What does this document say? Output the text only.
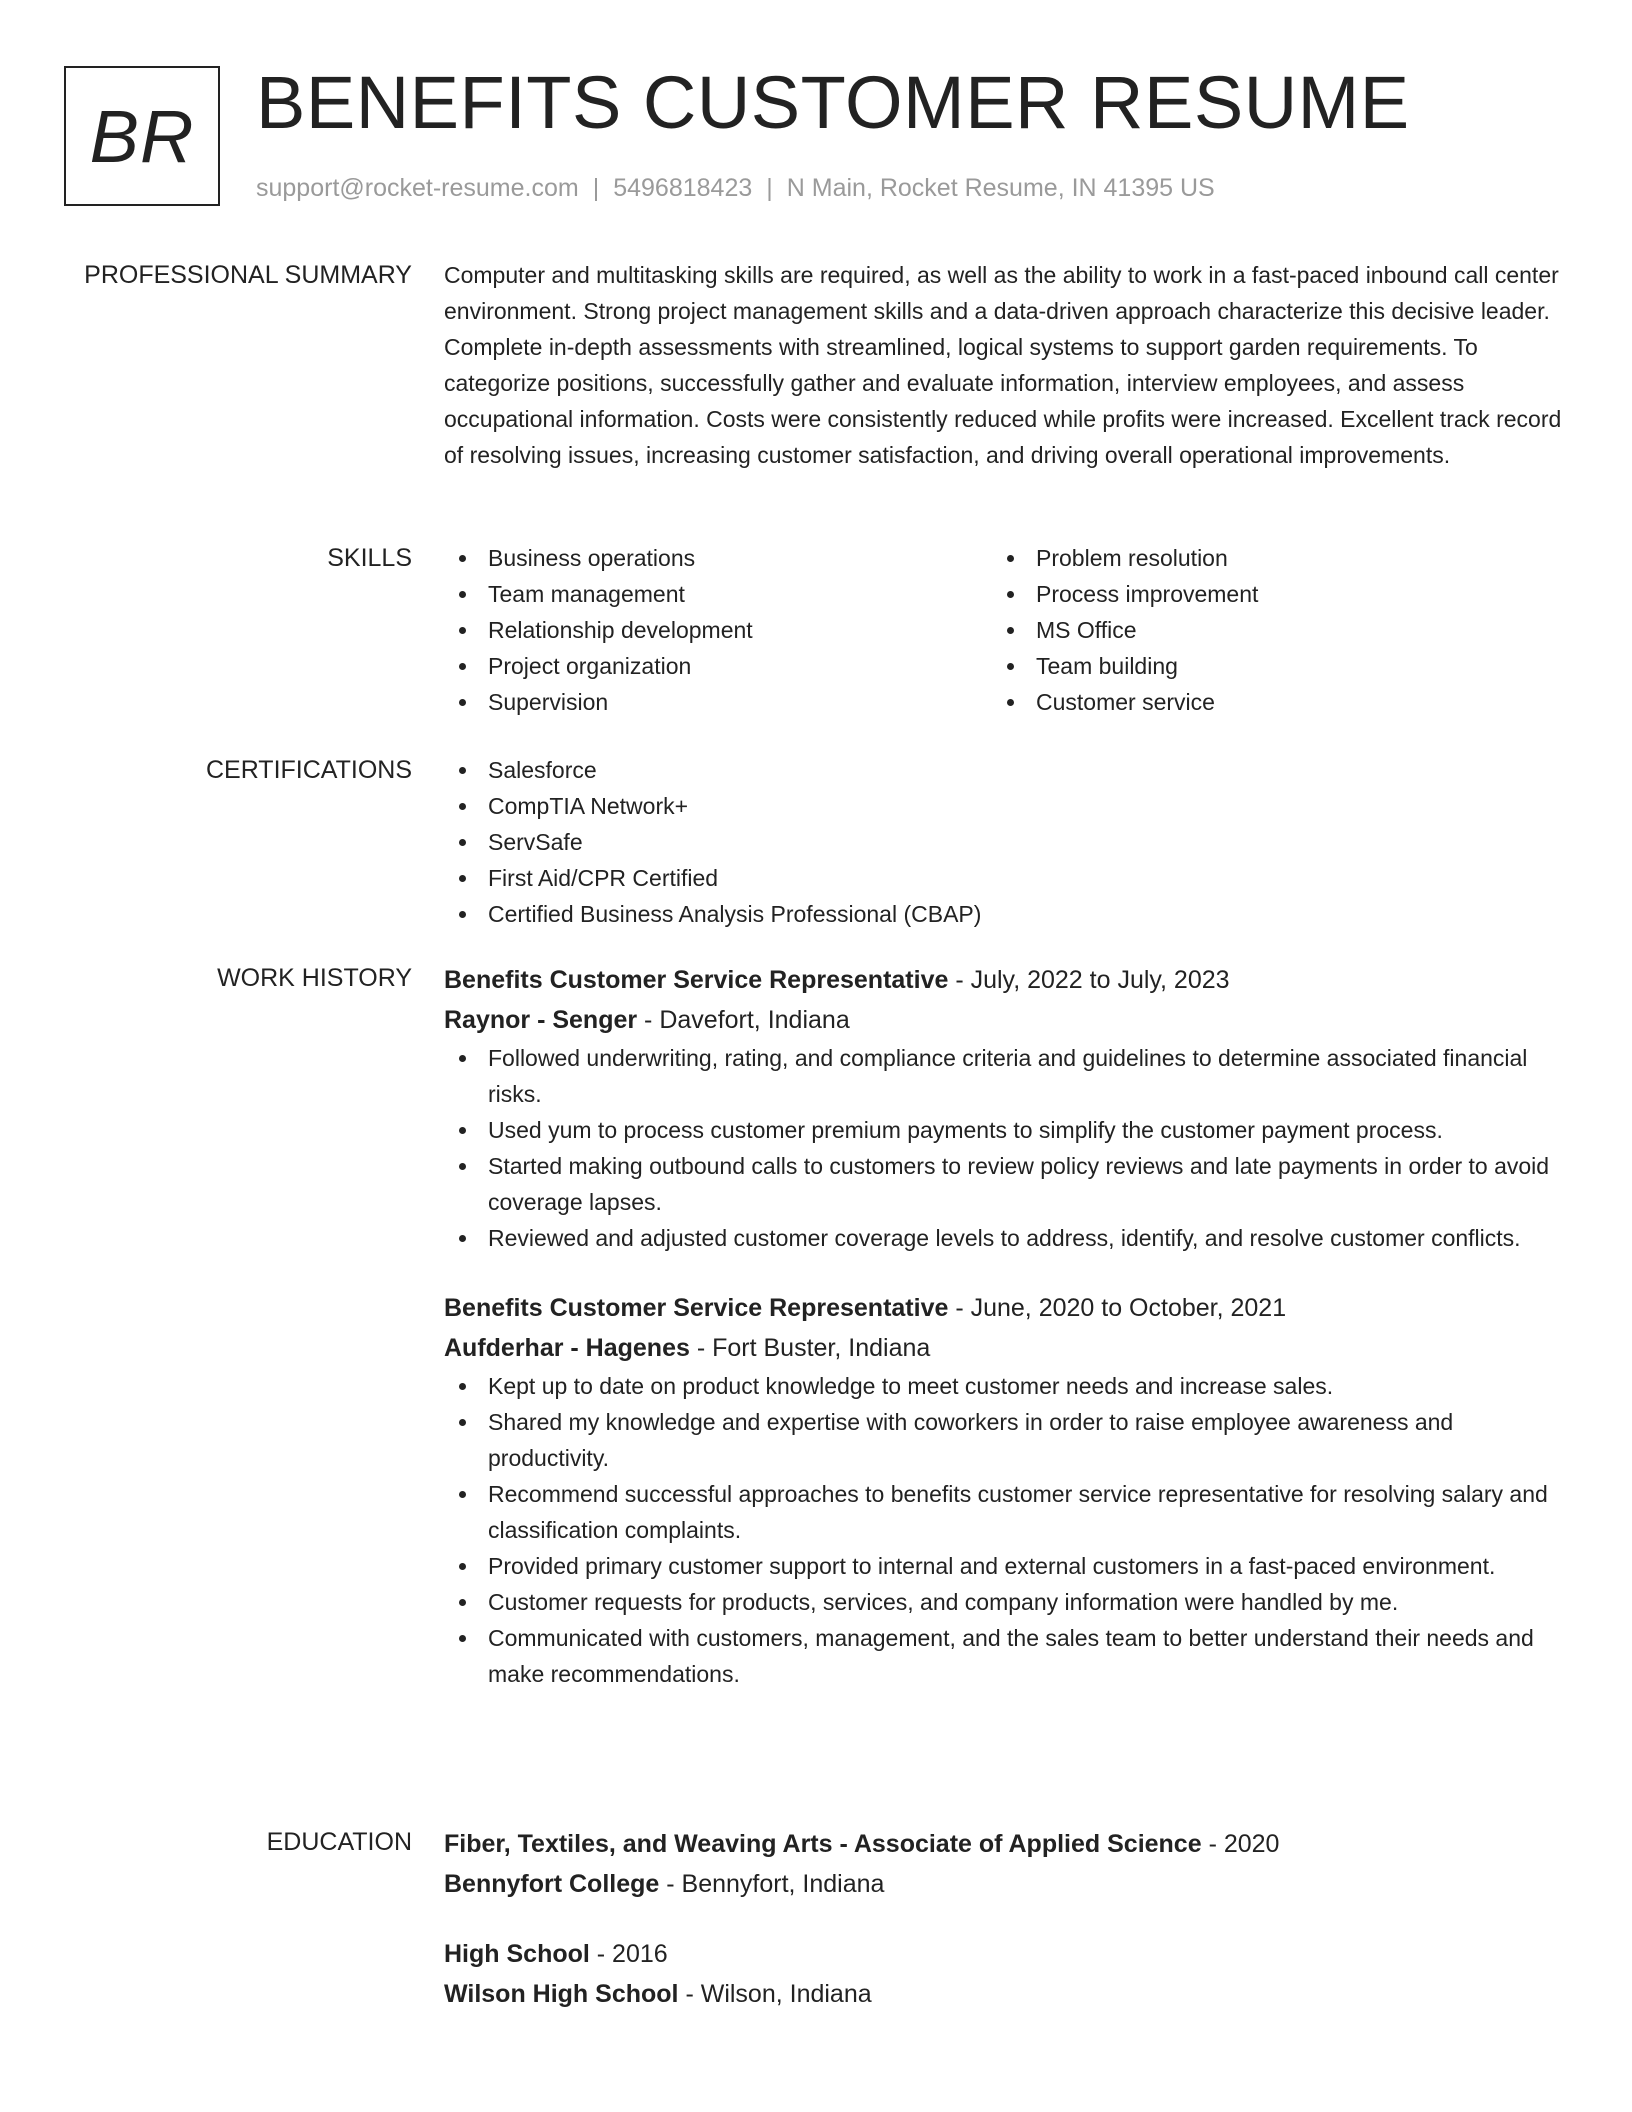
BR BENEFITS CUSTOMER RESUME
support@rocket-resume.com | 5496818423 | N Main, Rocket Resume, IN 41395 US
PROFESSIONAL SUMMARY Computer and multitasking skills are required, as well as the ability to work in a fast-paced inbound call center environment. Strong project management skills and a data-driven approach characterize this decisive leader. Complete in-depth assessments with streamlined, logical systems to support garden requirements. To categorize positions, successfully gather and evaluate information, interview employees, and assess occupational information. Costs were consistently reduced while profits were increased. Excellent track record of resolving issues, increasing customer satisfaction, and driving overall operational improvements.

SKILLS	Business operations
Team management
Relationship development
Project organization
Supervision
Problem resolution
Process improvement
MS Office
Team building
Customer service
CERTIFICATIONS	Salesforce
CompTIA Network+
ServSafe
First Aid/CPR Certified
Certified Business Analysis Professional (CBAP)
WORK HISTORY Benefits Customer Service Representative - July, 2022 to July, 2023
Raynor - Senger - Davefort, Indiana
Followed underwriting, rating, and compliance criteria and guidelines to determine associated financial risks.
Used yum to process customer premium payments to simplify the customer payment process.
Started making outbound calls to customers to review policy reviews and late payments in order to avoid coverage lapses.
Reviewed and adjusted customer coverage levels to address, identify, and resolve customer conflicts.
Benefits Customer Service Representative - June, 2020 to October, 2021
Aufderhar - Hagenes - Fort Buster, Indiana
Kept up to date on product knowledge to meet customer needs and increase sales.
Shared my knowledge and expertise with coworkers in order to raise employee awareness and productivity.
Recommend successful approaches to benefits customer service representative for resolving salary and classification complaints.
Provided primary customer support to internal and external customers in a fast-paced environment.
Customer requests for products, services, and company information were handled by me.
Communicated with customers, management, and the sales team to better understand their needs and make recommendations.
EDUCATION Fiber, Textiles, and Weaving Arts - Associate of Applied Science - 2020
Bennyfort College - Bennyfort, Indiana
High School - 2016
Wilson High School - Wilson, Indiana
